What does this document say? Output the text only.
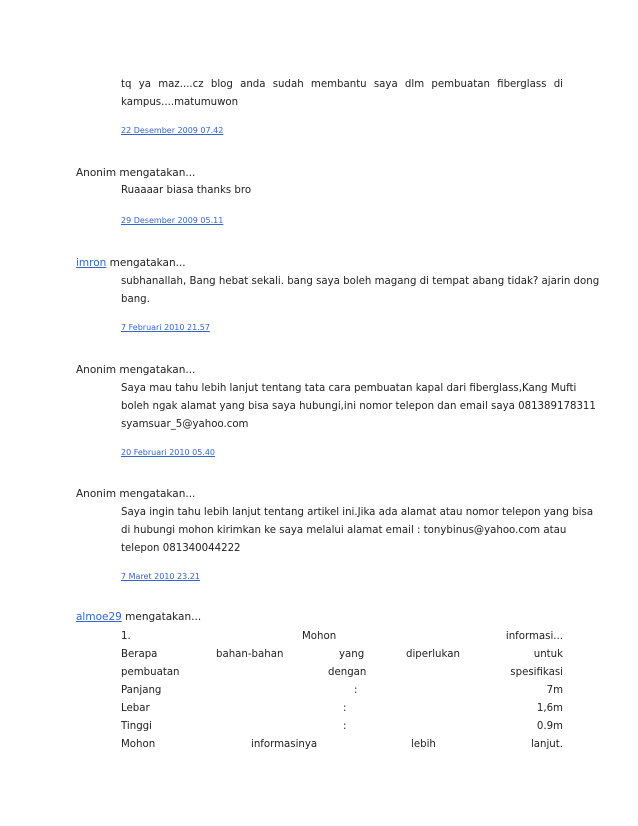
tq ya maz....cz blog anda sudah membantu saya dlm pembuatan fiberglass di
kampus....matumuwon
22 Desember 2009 07.42
Anonim mengatakan...
Ruaaaar biasa thanks bro
29 Desember 2009 05.11
imron mengatakan...
subhanallah, Bang hebat sekali. bang saya boleh magang di tempat abang tidak? ajarin dong
bang.
7 Februari 2010 21.57
Anonim mengatakan...
Saya mau tahu lebih lanjut tentang tata cara pembuatan kapal dari fiberglass,Kang Mufti
boleh ngak alamat yang bisa saya hubungi,ini nomor telepon dan email saya 081389178311
syamsuar_5@yahoo.com
20 Februari 2010 05.40
Anonim mengatakan...
Saya ingin tahu lebih lanjut tentang artikel ini.Jika ada alamat atau nomor telepon yang bisa
di hubungi mohon kirimkan ke saya melalui alamat email : tonybinus@yahoo.com atau
telepon 081340044222
7 Maret 2010 23.21
almoe29 mengatakan...
1.	Mohon	informasi...
Berapa	bahan-bahan	yang	diperlukan	untuk
pembuatan	dengan	spesifikasi
Panjang	:	7m
Lebar	:	1,6m
Tinggi	:	0.9m
Mohon	informasinya	lebih	lanjut.
